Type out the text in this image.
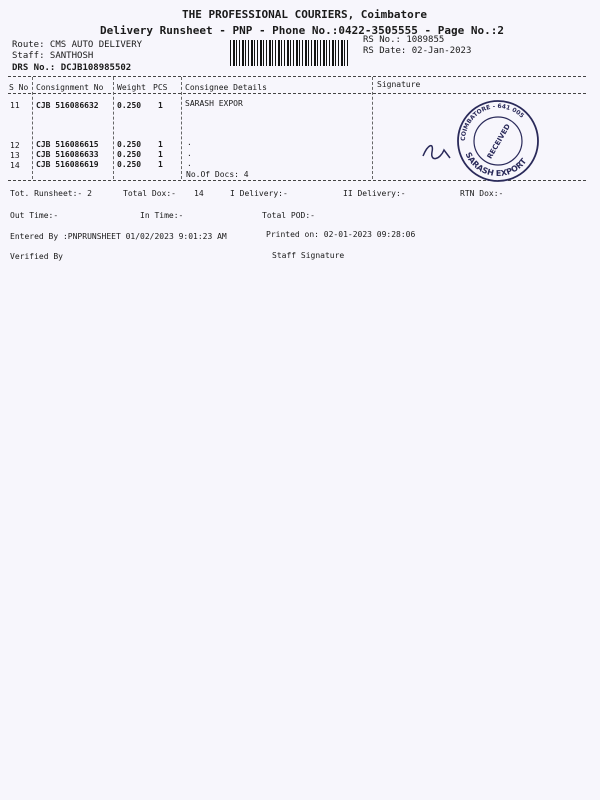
THE PROFESSIONAL COURIERS, Coimbatore
Delivery Runsheet - PNP - Phone No.:0422-3505555 - Page No.:2
Route: CMS AUTO DELIVERY
Staff: SANTHOSH
DRS No.: DCJB108985502
RS No.: 1089855
RS Date: 02-Jan-2023
S No Consignment No Weight PCS Consignee Details	Signature
11 CJB 516086632 0.250 1	SARASH EXPOR
12 CJB 516086615 0.250 1	.
13 CJB 516086633 0.250 1	.
14 CJB 516086619 0.250 1	.
No.Of Docs: 4
COIMBATORE - 641 005
SARASH EXPORT
RECEIVED
Tot. Runsheet:- 2	Total Dox:- 14	I Delivery:-	II Delivery:-	RTN Dox:-
Out Time:-	In Time:-	Total POD:-
Entered By :PNPRUNSHEET 01/02/2023 9:01:23 AM	Printed on: 02-01-2023 09:28:06
Verified By	Staff Signature
